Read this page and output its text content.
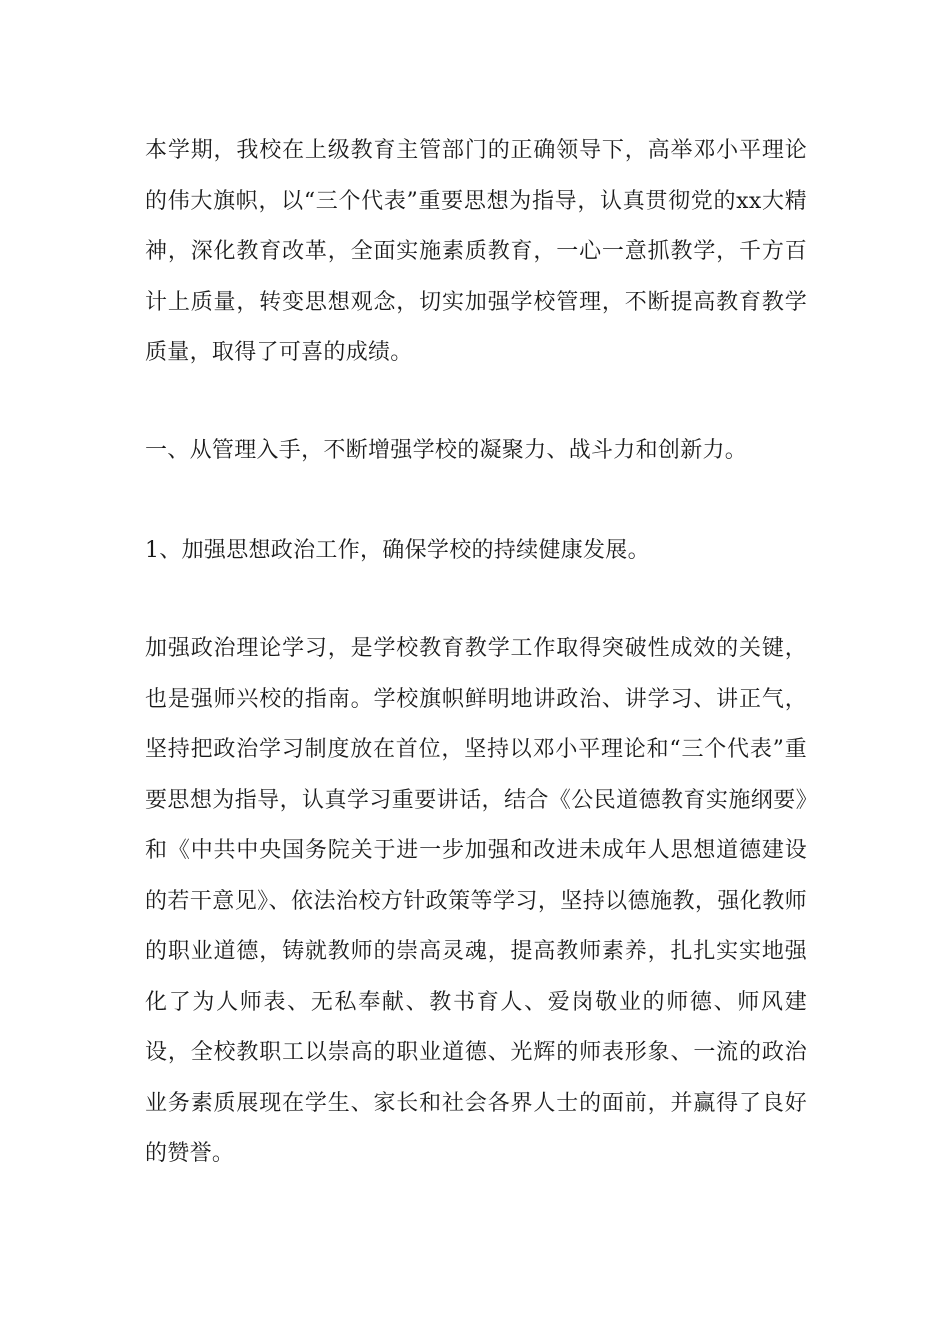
本学期，我校在上级教育主管部门的正确领导下，高举邓小平理论的伟大旗帜，以“三个代表”重要思想为指导，认真贯彻党的xx大精神，深化教育改革，全面实施素质教育，一心一意抓教学，千方百计上质量，转变思想观念，切实加强学校管理，不断提高教育教学质量，取得了可喜的成绩。

一、从管理入手，不断增强学校的凝聚力、战斗力和创新力。

1、加强思想政治工作，确保学校的持续健康发展。

加强政治理论学习，是学校教育教学工作取得突破性成效的关键，也是强师兴校的指南。学校旗帜鲜明地讲政治、讲学习、讲正气，坚持把政治学习制度放在首位，坚持以邓小平理论和“三个代表”重要思想为指导，认真学习重要讲话，结合《公民道德教育实施纲要》和《中共中央国务院关于进一步加强和改进未成年人思想道德建设的若干意见》、依法治校方针政策等学习，坚持以德施教，强化教师的职业道德，铸就教师的崇高灵魂，提高教师素养，扎扎实实地强化了为人师表、无私奉献、教书育人、爱岗敬业的师德、师风建设，全校教职工以崇高的职业道德、光辉的师表形象、一流的政治业务素质展现在学生、家长和社会各界人士的面前，并赢得了良好的赞誉。
